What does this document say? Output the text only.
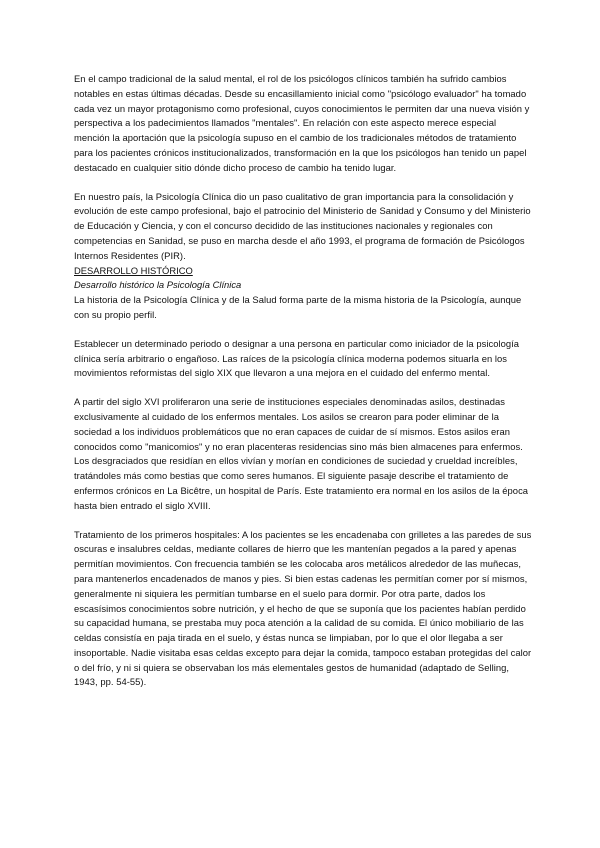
En el campo tradicional de la salud mental, el rol de los psicólogos clínicos también ha sufrido cambios notables en estas últimas décadas. Desde su encasillamiento inicial como "psicólogo evaluador" ha tomado cada vez un mayor protagonismo como profesional, cuyos conocimientos le permiten dar una nueva visión y perspectiva a los padecimientos llamados "mentales". En relación con este aspecto merece especial mención la aportación que la psicología supuso en el cambio de los tradicionales métodos de tratamiento para los pacientes crónicos institucionalizados, transformación en la que los psicólogos han tenido un papel destacado en cualquier sitio dónde dicho proceso de cambio ha tenido lugar.

En nuestro país, la Psicología Clínica dio un paso cualitativo de gran importancia para la consolidación y evolución de este campo profesional, bajo el patrocinio del Ministerio de Sanidad y Consumo y del Ministerio de Educación y Ciencia, y con el concurso decidido de las instituciones nacionales y regionales con competencias en Sanidad, se puso en marcha desde el año 1993, el programa de formación de Psicólogos Internos Residentes (PIR).

DESARROLLO HISTÓRICO

Desarrollo histórico la Psicología Clínica

La historia de la Psicología Clínica y de la Salud forma parte de la misma historia de la Psicología, aunque con su propio perfil.

Establecer un determinado periodo o designar a una persona en particular como iniciador de la psicología clínica sería arbitrario o engañoso. Las raíces de la psicología clínica moderna podemos situarla en los movimientos reformistas del siglo XIX que llevaron a una mejora en el cuidado del enfermo mental.

A partir del siglo XVI proliferaron una serie de instituciones especiales denominadas asilos, destinadas exclusivamente al cuidado de los enfermos mentales. Los asilos se crearon para poder eliminar de la sociedad a los individuos problemáticos que no eran capaces de cuidar de sí mismos. Estos asilos eran conocidos como "manicomios" y no eran placenteras residencias sino más bien almacenes para enfermos. Los desgraciados que residían en ellos vivían y morían en condiciones de suciedad y crueldad increíbles, tratándoles más como bestias que como seres humanos. El siguiente pasaje describe el tratamiento de enfermos crónicos en La Bicêtre, un hospital de París. Este tratamiento era normal en los asilos de la época hasta bien entrado el siglo XVIII.

Tratamiento de los primeros hospitales: A los pacientes se les encadenaba con grilletes a las paredes de sus oscuras e insalubres celdas, mediante collares de hierro que les mantenían pegados a la pared y apenas permitían movimientos. Con frecuencia también se les colocaba aros metálicos alrededor de las muñecas, para mantenerlos encadenados de manos y pies. Si bien estas cadenas les permitían comer por sí mismos, generalmente ni siquiera les permitían tumbarse en el suelo para dormir. Por otra parte, dados los escasísimos conocimientos sobre nutrición, y el hecho de que se suponía que los pacientes habían perdido su capacidad humana, se prestaba muy poca atención a la calidad de su comida. El único mobiliario de las celdas consistía en paja tirada en el suelo, y éstas nunca se limpiaban, por lo que el olor llegaba a ser insoportable. Nadie visitaba esas celdas excepto para dejar la comida, tampoco estaban protegidas del calor o del frío, y ni si quiera se observaban los más elementales gestos de humanidad (adaptado de Selling, 1943, pp. 54-55).
